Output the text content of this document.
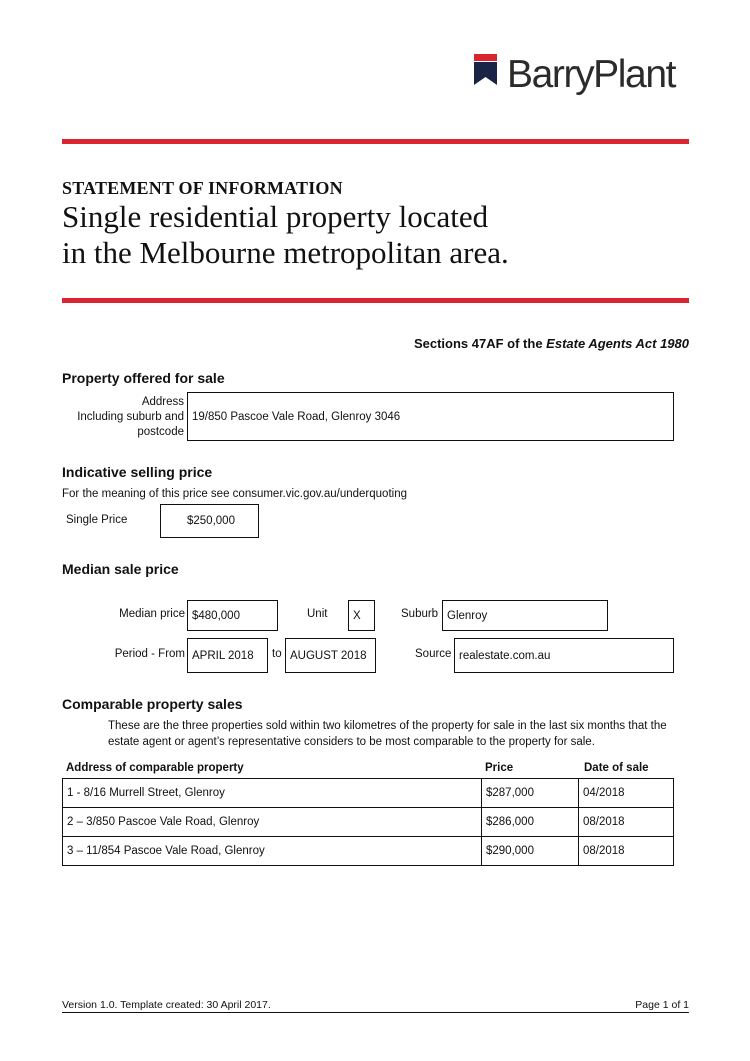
BarryPlant
STATEMENT OF INFORMATION
Single residential property located
in the Melbourne metropolitan area.
Sections 47AF of the Estate Agents Act 1980
Property offered for sale
Address
Including suburb and
postcode
19/850 Pascoe Vale Road, Glenroy 3046
Indicative selling price
For the meaning of this price see consumer.vic.gov.au/underquoting
Single Price	$250,000
Median sale price
Median price $480,000	Unit	X	Suburb Glenroy
Period - From APRIL 2018	to AUGUST 2018	Source realestate.com.au
Comparable property sales
These are the three properties sold within two kilometres of the property for sale in the last six months that the estate agent or agent’s representative considers to be most comparable to the property for sale.
Address of comparable property	Price	Date of sale
1 - 8/16 Murrell Street, Glenroy	$287,000	04/2018
2 – 3/850 Pascoe Vale Road, Glenroy	$286,000	08/2018
3 – 11/854 Pascoe Vale Road, Glenroy	$290,000	08/2018
Version 1.0. Template created: 30 April 2017.	Page 1 of 1
